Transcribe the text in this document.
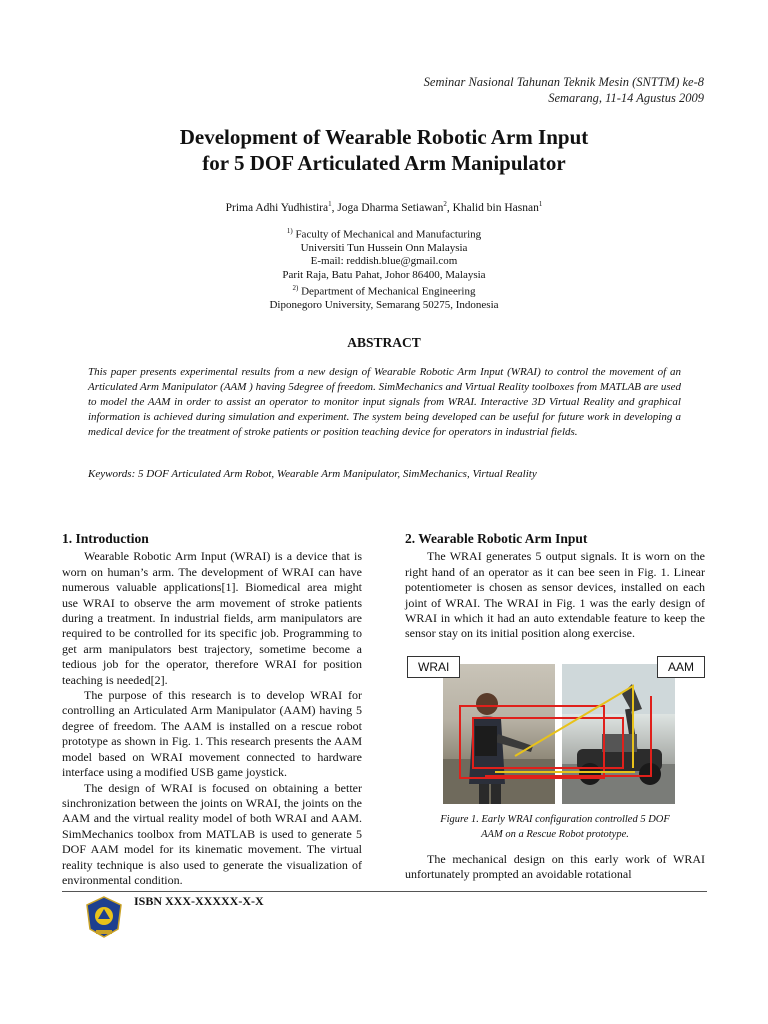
Seminar Nasional Tahunan Teknik Mesin (SNTTM) ke-8
Semarang, 11-14 Agustus 2009
Development of Wearable Robotic Arm Input
for 5 DOF Articulated Arm Manipulator
Prima Adhi Yudhistira$^1$, Joga Dharma Setiawan$^2$, Khalid bin Hasnan$^1$
$^{1)}$ Faculty of Mechanical and Manufacturing
Universiti Tun Hussein Onn Malaysia
E-mail: reddish.blue@gmail.com
Parit Raja, Batu Pahat, Johor 86400, Malaysia
$^{2)}$ Department of Mechanical Engineering
Diponegoro University, Semarang 50275, Indonesia
ABSTRACT
This paper presents experimental results from a new design of Wearable Robotic Arm Input (WRAI) to control the movement of an Articulated Arm Manipulator (AAM ) having 5degree of freedom. SimMechanics and Virtual Reality toolboxes from MATLAB are used to model the AAM in order to assist an operator to monitor input signals from WRAI. Interactive 3D Virtual Reality and graphical information is achieved during simulation and experiment. The system being developed can be useful for future work in developing a medical device for the treatment of stroke patients or position teaching device for operators in industrial fields.
Keywords: 5 DOF Articulated Arm Robot, Wearable Arm Manipulator, SimMechanics, Virtual Reality
1. Introduction

Wearable Robotic Arm Input (WRAI) is a device that is worn on human’s arm. The development of WRAI can have numerous valuable applications[1]. Biomedical area might use WRAI to observe the arm movement of stroke patients during a treatment. In industrial fields, arm manipulators are required to be controlled for its specific job. Programming to get arm manipulators best trajectory, sometime become a tedious job for the operator, therefore WRAI for position teaching is needed[2].

The purpose of this research is to develop WRAI for controlling an Articulated Arm Manipulator (AAM) having 5 degree of freedom. The AAM is installed on a rescue robot prototype as shown in Fig. 1. This research presents the AAM model based on WRAI movement connected to hardware interface using a modified USB game joystick.

The design of WRAI is focused on obtaining a better sinchronization between the joints on WRAI, the joints on the AAM and the virtual reality model of both WRAI and AAM. SimMechanics toolbox from MATLAB is used to generate 5 DOF AAM model for its kinematic movement. The virtual reality technique is also used to generate the visualization of environmental condition.

2. Wearable Robotic Arm Input

The WRAI generates 5 output signals. It is worn on the right hand of an operator as it can bee seen in Fig. 1. Linear potentiometer is chosen as sensor devices, installed on each joint of WRAI. The WRAI in Fig. 1 was the early design of WRAI in which it had an auto extendable feature to keep the sensor stay on its initial position along exercise.

WRAI	AAM
Figure 1. Early WRAI configuration controlled 5 DOF
AAM on a Rescue Robot prototype.

The mechanical design on this early work of WRAI unfortunately prompted an avoidable rotational

ISBN XXX-XXXXX-X-X
